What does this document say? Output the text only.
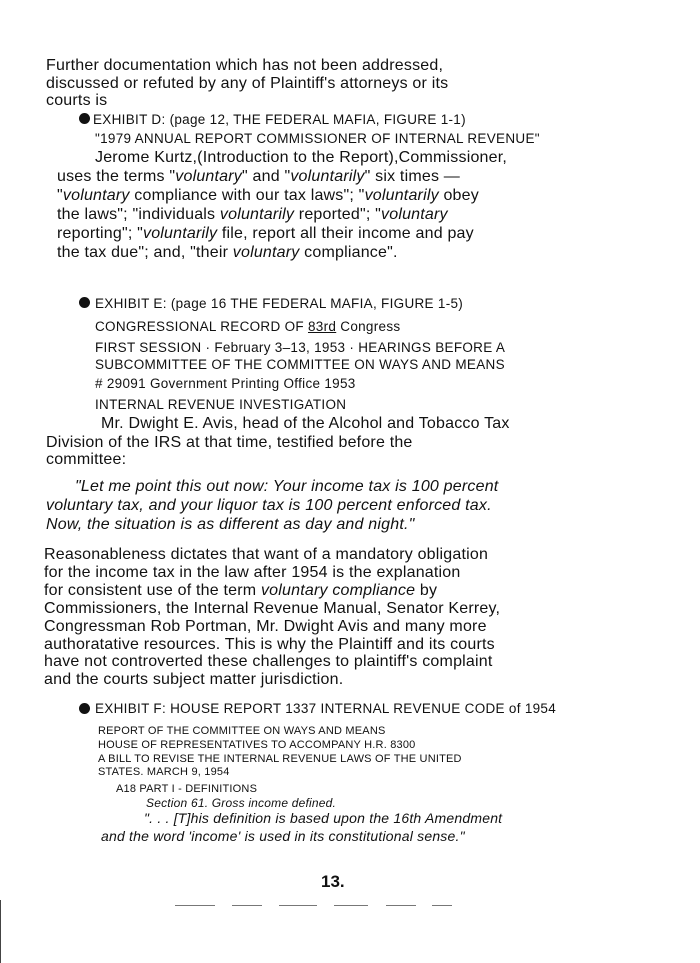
Further documentation which has not been addressed,
discussed or refuted by any of Plaintiff's attorneys or its
courts is
EXHIBIT D: (page 12, THE FEDERAL MAFIA, FIGURE 1-1)
"1979 ANNUAL REPORT COMMISSIONER OF INTERNAL REVENUE"
Jerome Kurtz,(Introduction to the Report),Commissioner,
uses the terms "voluntary" and "voluntarily" six times —
"voluntary compliance with our tax laws"; "voluntarily obey
the laws"; "individuals voluntarily reported"; "voluntary
reporting"; "voluntarily file, report all their income and pay
the tax due"; and, "their voluntary compliance".
EXHIBIT E: (page 16 THE FEDERAL MAFIA, FIGURE 1-5)
CONGRESSIONAL RECORD OF 83rd Congress
FIRST SESSION · February 3–13, 1953 · HEARINGS BEFORE A
SUBCOMMITTEE OF THE COMMITTEE ON WAYS AND MEANS
# 29091 Government Printing Office 1953
INTERNAL REVENUE INVESTIGATION
Mr. Dwight E. Avis, head of the Alcohol and Tobacco Tax
Division of the IRS at that time, testified before the
committee:
"Let me point this out now: Your income tax is 100 percent
voluntary tax, and your liquor tax is 100 percent enforced tax.
Now, the situation is as different as day and night."
Reasonableness dictates that want of a mandatory obligation
for the income tax in the law after 1954 is the explanation
for consistent use of the term voluntary compliance by
Commissioners, the Internal Revenue Manual, Senator Kerrey,
Congressman Rob Portman, Mr. Dwight Avis and many more
authoratative resources. This is why the Plaintiff and its courts
have not controverted these challenges to plaintiff's complaint
and the courts subject matter jurisdiction.
EXHIBIT F: HOUSE REPORT 1337 INTERNAL REVENUE CODE of 1954
REPORT OF THE COMMITTEE ON WAYS AND MEANS
HOUSE OF REPRESENTATIVES TO ACCOMPANY H.R. 8300
A BILL TO REVISE THE INTERNAL REVENUE LAWS OF THE UNITED
STATES. MARCH 9, 1954
A18 PART I - DEFINITIONS
Section 61. Gross income defined.
". . . [T]his definition is based upon the 16th Amendment
and the word 'income' is used in its constitutional sense."
13.
